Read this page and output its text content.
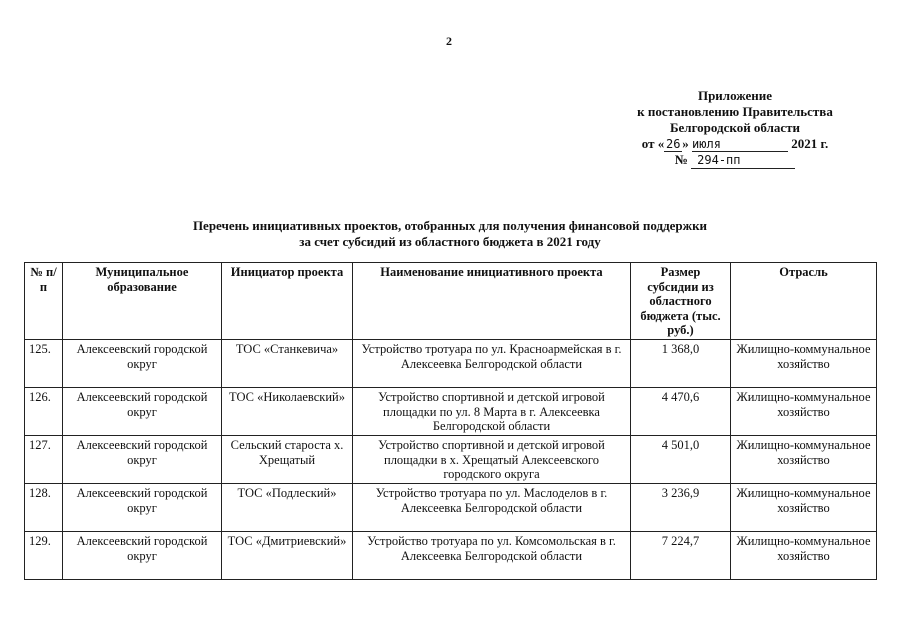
2
Приложение
к постановлению Правительства
Белгородской области
от « 26 » июля	2021 г.
№ 294-пп
Перечень инициативных проектов, отобранных для получения финансовой поддержки
за счет субсидий из областного бюджета в 2021 году
№ п/п	Муниципальное образование	Инициатор проекта	Наименование инициативного проекта	Размер субсидии из областного бюджета (тыс. руб.)	Отрасль
125.	Алексеевский городской округ	ТОС «Станкевича»	Устройство тротуара по ул. Красноармейская в г. Алексеевка Белгородской области	1 368,0	Жилищно-коммунальное хозяйство
126.	Алексеевский городской округ	ТОС «Николаевский»	Устройство спортивной и детской игровой площадки по ул. 8 Марта в г. Алексеевка Белгородской области	4 470,6	Жилищно-коммунальное хозяйство
127.	Алексеевский городской округ	Сельский староста х. Хрещатый	Устройство спортивной и детской игровой площадки в х. Хрещатый Алексеевского городского округа	4 501,0	Жилищно-коммунальное хозяйство
128.	Алексеевский городской округ	ТОС «Подлеский»	Устройство тротуара по ул. Маслоделов в г. Алексеевка Белгородской области	3 236,9	Жилищно-коммунальное хозяйство
129.	Алексеевский городской округ	ТОС «Дмитриевский»	Устройство тротуара по ул. Комсомольская в г. Алексеевка Белгородской области	7 224,7	Жилищно-коммунальное хозяйство
